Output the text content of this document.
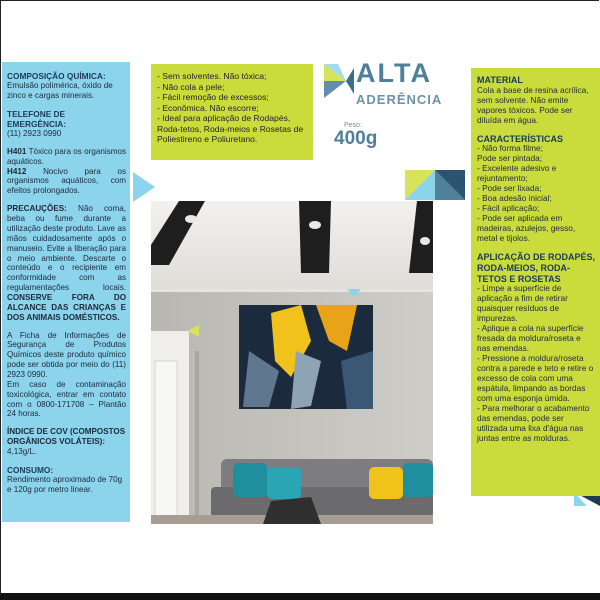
COMPOSIÇÃO QUÍMICA:

Emulsão polimérica, óxido de zinco e cargas minerais.

TELEFONE DE EMERGÊNCIA:

(11) 2923 0990

H401 Tóxico para os organismos aquáticos.

H412 Nocivo para os organismos aquáticos, com efeitos prolongados.

PRECAUÇÕES: Não coma, beba ou fume durante a utilização deste produto. Lave as mãos cuidadosamente após o manuseio. Evite a liberação para o meio ambiente. Descarte o conteúdo e o recipiente em conformidade com as regulamentações locais. CONSERVE FORA DO ALCANCE DAS CRIANÇAS E DOS ANIMAIS DOMÉSTICOS.

A Ficha de Informações de Segurança de Produtos Químicos deste produto químico pode ser obtida por meio do (11) 2923 0990.

Em caso de contaminação toxicológica, entrar em contato com o 0800-171708 – Plantão 24 horas.

ÍNDICE DE COV (COMPOSTOS ORGÂNICOS VOLÁTEIS): 4,13g/L.

CONSUMO:

Rendimento aproximado de 70g e 120g por metro linear.

- Sem solventes. Não tóxica;

- Não cola a pele;

- Fácil remoção de excessos;

- Econômica. Não escorre;

- Ideal para aplicação de Rodapés, Roda-tetos, Roda-meios e Rosetas de Poliestireno e Poliuretano.

ALTA
ADERÊNCIA
Peso:
400g
MATERIAL

Cola a base de resina acrílica, sem solvente. Não emite vapores tóxicos. Pode ser diluída em água.

CARACTERÍSTICAS

- Não forma filme;

Pode ser pintada;

- Excelente adesivo e rejuntamento;

- Pode ser lixada;

- Boa adesão inicial;

- Fácil aplicação;

- Pode ser aplicada em madeiras, azulejos, gesso, metal e tijolos.

APLICAÇÃO DE RODAPÉS, RODA-MEIOS, RODA-TETOS E ROSETAS

- Limpe a superfície de aplicação a fim de retirar quaisquer resíduos de impurezas.

- Aplique a cola na superfície fresada da moldura/roseta e nas emendas.

- Pressione a moldura/roseta contra a parede e teto e retire o excesso de cola com uma espátula, limpando as bordas com uma esponja úmida.

- Para melhorar o acabamento das emendas, pode ser utilizada uma lixa d'água nas juntas entre as molduras.
